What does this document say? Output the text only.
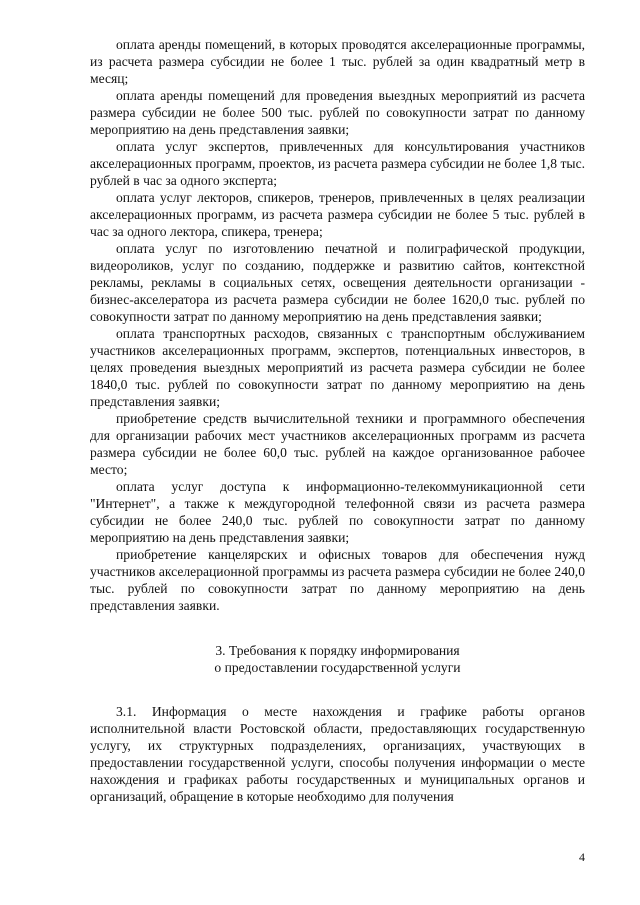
оплата аренды помещений, в которых проводятся акселерационные программы, из расчета размера субсидии не более 1 тыс. рублей за один квадратный метр в месяц;

оплата аренды помещений для проведения выездных мероприятий из расчета размера субсидии не более 500 тыс. рублей по совокупности затрат по данному мероприятию на день представления заявки;

оплата услуг экспертов, привлеченных для консультирования участников акселерационных программ, проектов, из расчета размера субсидии не более 1,8 тыс. рублей в час за одного эксперта;

оплата услуг лекторов, спикеров, тренеров, привлеченных в целях реализации акселерационных программ, из расчета размера субсидии не более 5 тыс. рублей в час за одного лектора, спикера, тренера;

оплата услуг по изготовлению печатной и полиграфической продукции, видеороликов, услуг по созданию, поддержке и развитию сайтов, контекстной рекламы, рекламы в социальных сетях, освещения деятельности организации - бизнес-акселератора из расчета размера субсидии не более 1620,0 тыс. рублей по совокупности затрат по данному мероприятию на день представления заявки;

оплата транспортных расходов, связанных с транспортным обслуживанием участников акселерационных программ, экспертов, потенциальных инвесторов, в целях проведения выездных мероприятий из расчета размера субсидии не более 1840,0 тыс. рублей по совокупности затрат по данному мероприятию на день представления заявки;

приобретение средств вычислительной техники и программного обеспечения для организации рабочих мест участников акселерационных программ из расчета размера субсидии не более 60,0 тыс. рублей на каждое организованное рабочее место;

оплата услуг доступа к информационно-телекоммуникационной сети "Интернет", а также к междугородной телефонной связи из расчета размера субсидии не более 240,0 тыс. рублей по совокупности затрат по данному мероприятию на день представления заявки;

приобретение канцелярских и офисных товаров для обеспечения нужд участников акселерационной программы из расчета размера субсидии не более 240,0 тыс. рублей по совокупности затрат по данному мероприятию на день представления заявки.

3. Требования к порядку информирования
о предоставлении государственной услуги

3.1. Информация о месте нахождения и графике работы органов исполнительной власти Ростовской области, предоставляющих государственную услугу, их структурных подразделениях, организациях, участвующих в предоставлении государственной услуги, способы получения информации о месте нахождения и графиках работы государственных и муниципальных органов и организаций, обращение в которые необходимо для получения

4
